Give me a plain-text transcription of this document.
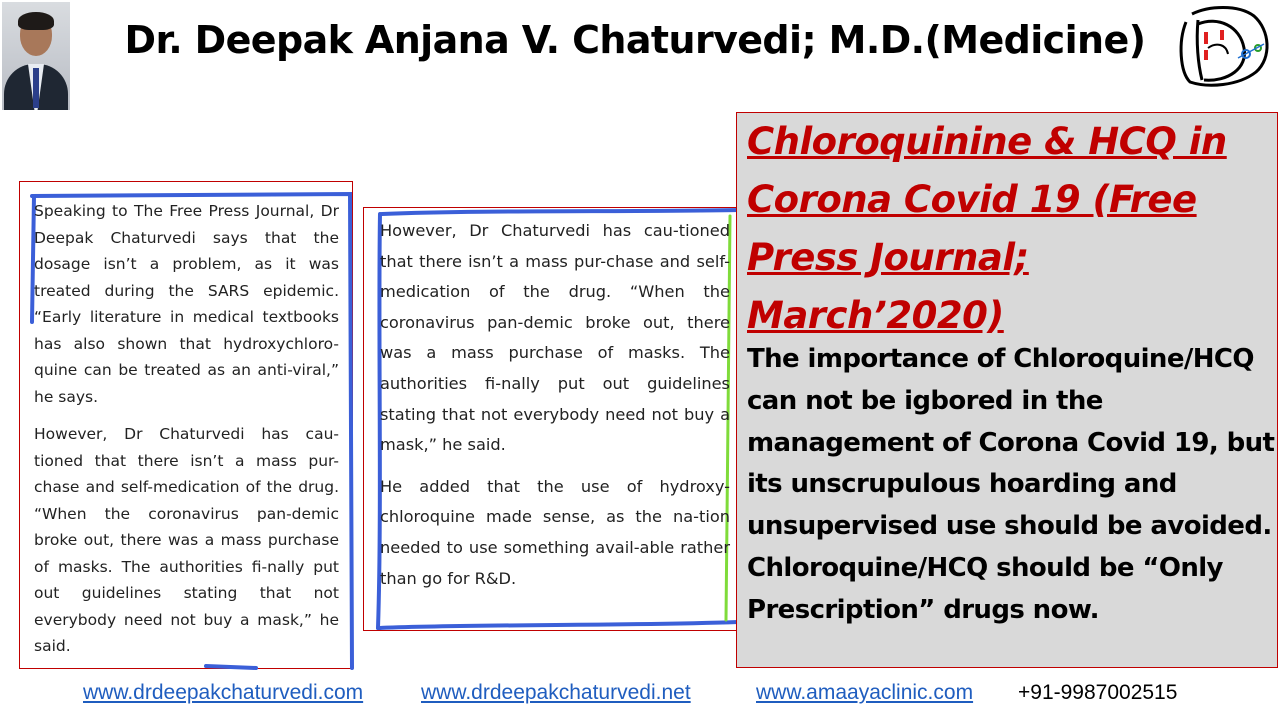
Dr. Deepak Anjana V. Chaturvedi; M.D.(Medicine)

Speaking to The Free Press Journal, Dr Deepak Chaturvedi says that the dosage isn’t a problem, as it was treated during the SARS epidemic. “Early literature in medical textbooks has also shown that hydroxychloro-quine can be treated as an anti-viral,” he says.

However, Dr Chaturvedi has cau-tioned that there isn’t a mass pur-chase and self-medication of the drug. “When the coronavirus pan-demic broke out, there was a mass purchase of masks. The authorities fi-nally put out guidelines stating that not everybody need not buy a mask,” he said.

However, Dr Chaturvedi has cau-tioned that there isn’t a mass pur-chase and self-medication of the drug. “When the coronavirus pan-demic broke out, there was a mass purchase of masks. The authorities fi-nally put out guidelines stating that not everybody need not buy a mask,” he said.

He added that the use of hydroxy-chloroquine made sense, as the na-tion needed to use something avail-able rather than go for R&D.

Chloroquinine & HCQ in Corona Covid 19 (Free Press Journal; March’2020)
The importance of Chloroquine/HCQ can not be igbored in the management of Corona Covid 19, but its unscrupulous hoarding and unsupervised use should be avoided. Chloroquine/HCQ should be “Only Prescription” drugs now.
www.drdeepakchaturvedi.com	www.drdeepakchaturvedi.net	www.amaayaclinic.com +91-9987002515
